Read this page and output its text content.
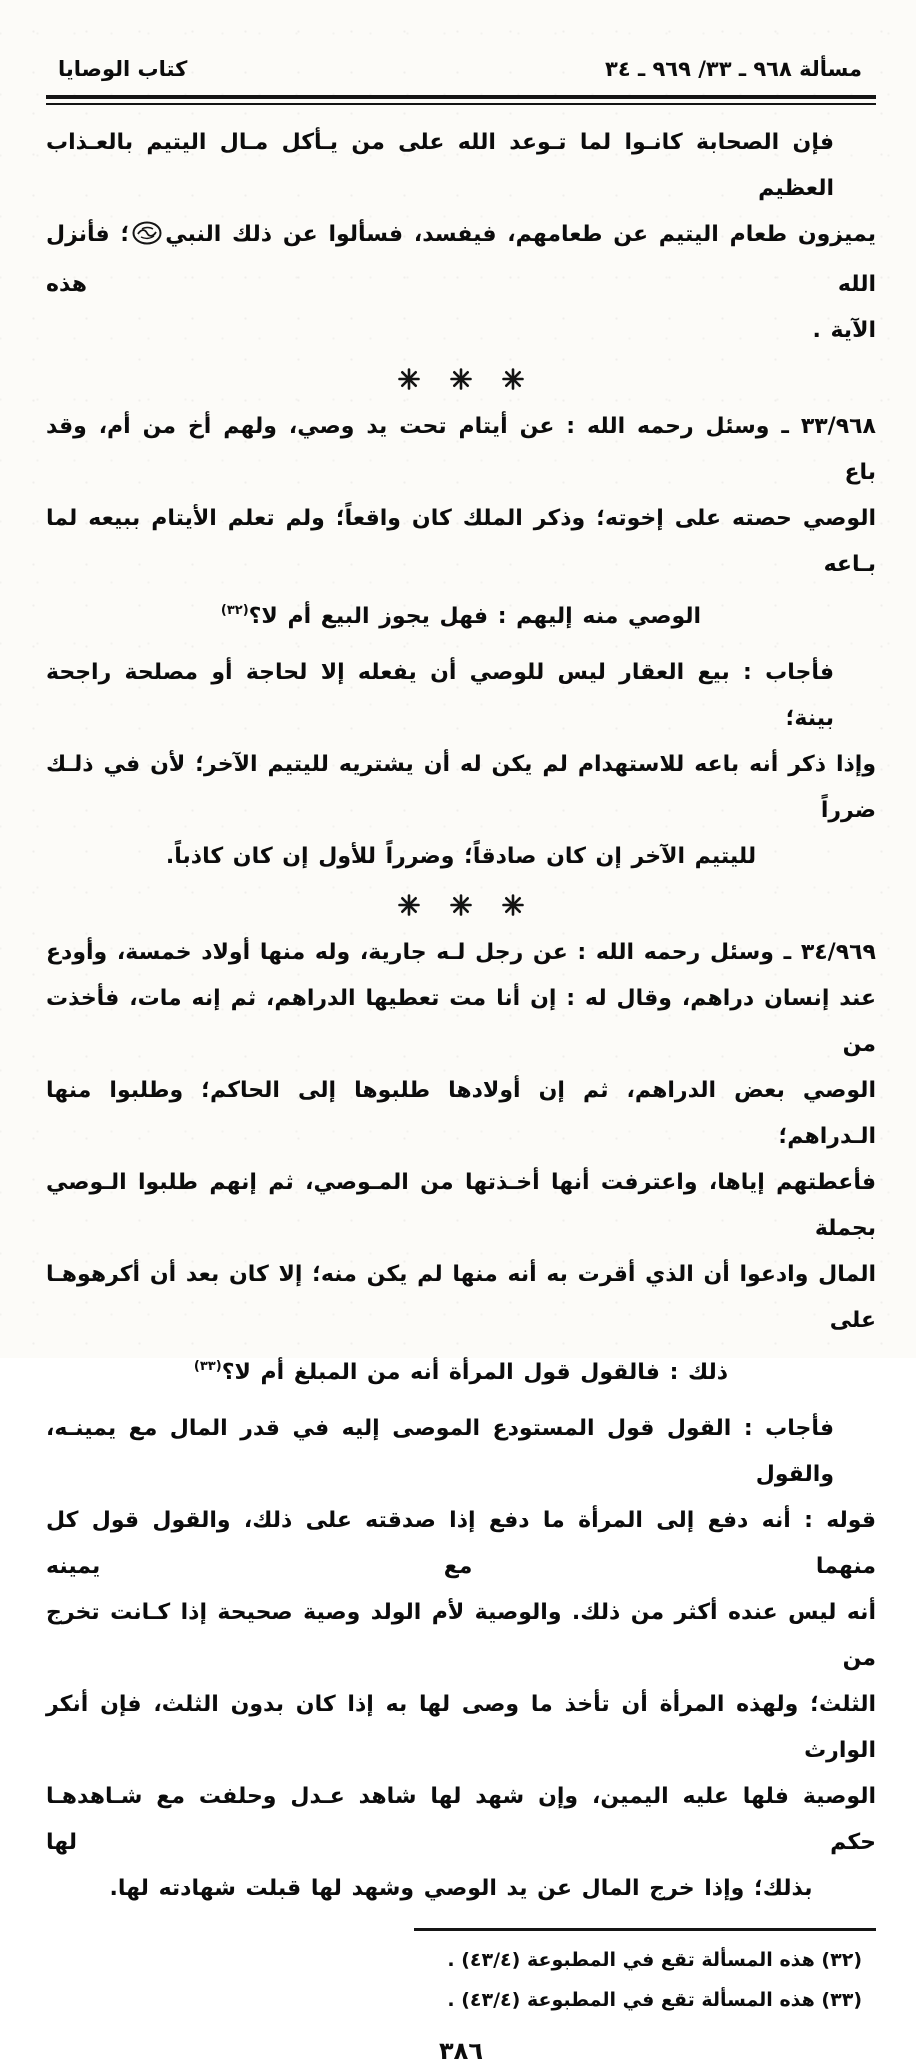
مسألة ٩٦٨ ـ ٣٣/ ٩٦٩ ـ ٣٤
كتاب الوصايا
فإن الصحابة كانـوا لما تـوعد الله على من يـأكل مـال اليتيم بالعـذاب العظيم
يميزون طعام اليتيم عن طعامهم، فيفسد، فسألوا عن ذلك النبي؛ فأنزل الله هذه
الآية .
٣٣/٩٦٨ ـ وسئل رحمه الله : عن أيتام تحت يد وصي، ولهم أخ من أم، وقد باع
الوصي حصته على إخوته؛ وذكر الملك كان واقعاً؛ ولم تعلم الأيتام ببيعه لما بـاعه
الوصي منه إليهم : فهل يجوز البيع أم لا؟$^{(٣٢)}$
فأجاب : بيع العقار ليس للوصي أن يفعله إلا لحاجة أو مصلحة راجحة بينة؛
وإذا ذكر أنه باعه للاستهدام لم يكن له أن يشتريه لليتيم الآخر؛ لأن في ذلـك ضرراً
لليتيم الآخر إن كان صادقاً؛ وضرراً للأول إن كان كاذباً.
٣٤/٩٦٩ ـ وسئل رحمه الله : عن رجل لـه جارية، وله منها أولاد خمسة، وأودع
عند إنسان دراهم، وقال له : إن أنا مت تعطيها الدراهم، ثم إنه مات، فأخذت من
الوصي بعض الدراهم، ثم إن أولادها طلبوها إلى الحاكم؛ وطلبوا منها الـدراهم؛
فأعطتهم إياها، واعترفت أنها أخـذتها من المـوصي، ثم إنهم طلبوا الـوصي بجملة
المال وادعوا أن الذي أقرت به أنه منها لم يكن منه؛ إلا كان بعد أن أكرهوهـا على
ذلك : فالقول قول المرأة أنه من المبلغ أم لا؟$^{(٣٣)}$
فأجاب : القول قول المستودع الموصى إليه في قدر المال مع يمينـه، والقول
قوله : أنه دفع إلى المرأة ما دفع إذا صدقته على ذلك، والقول قول كل منهما مع يمينه
أنه ليس عنده أكثر من ذلك. والوصية لأم الولد وصية صحيحة إذا كـانت تخرج من
الثلث؛ ولهذه المرأة أن تأخذ ما وصى لها به إذا كان بدون الثلث، فإن أنكر الوارث
الوصية فلها عليه اليمين، وإن شهد لها شاهد عـدل وحلفت مع شـاهدهـا حكم لها
بذلك؛ وإذا خرج المال عن يد الوصي وشهد لها قبلت شهادته لها.
(٣٢) هذه المسألة تقع في المطبوعة (٤٣/٤) .
(٣٣) هذه المسألة تقع في المطبوعة (٤٣/٤) .
٣٨٦
